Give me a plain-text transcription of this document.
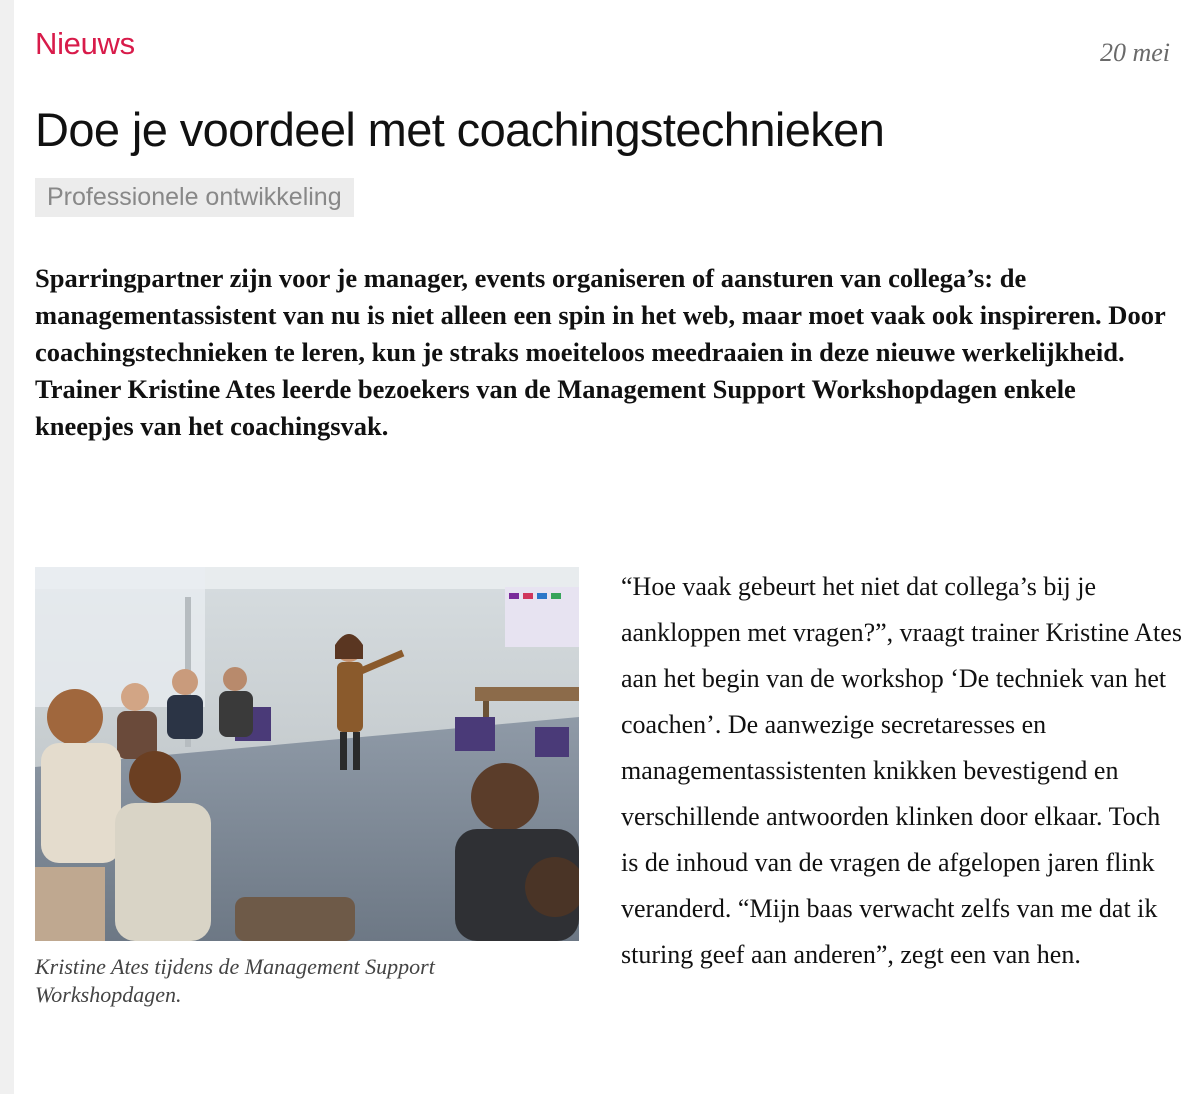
Nieuws	20 mei
Doe je voordeel met coachingstechnieken
Professionele ontwikkeling

Sparringpartner zijn voor je manager, events organiseren of aansturen van collega’s: de managementassistent van nu is niet alleen een spin in het web, maar moet vaak ook inspireren. Door coachingstechnieken te leren, kun je straks moeiteloos meedraaien in deze nieuwe werkelijkheid. Trainer Kristine Ates leerde bezoekers van de Management Support Workshopdagen enkele kneepjes van het coachingsvak.

Kristine Ates tijdens de Management Support Workshopdagen.

“Hoe vaak gebeurt het niet dat collega’s bij je aankloppen met vragen?”, vraagt trainer Kristine Ates aan het begin van de workshop ‘De techniek van het coachen’. De aanwezige secretaresses en managementassistenten knikken bevestigend en verschillende antwoorden klinken door elkaar. Toch is de inhoud van de vragen de afgelopen jaren flink veranderd. “Mijn baas verwacht zelfs van me dat ik sturing geef aan anderen”, zegt een van hen.
